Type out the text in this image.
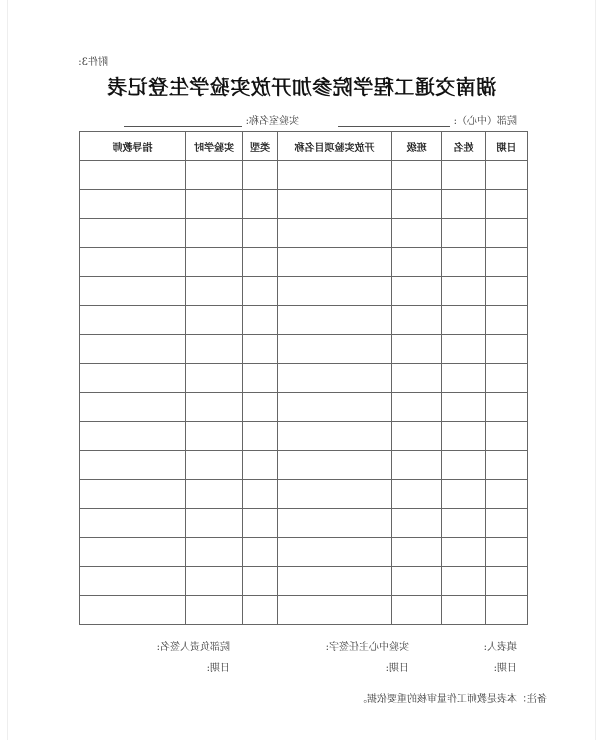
附件3:
湖南交通工程学院参加开放实验学生登记表
院部（中心）:
实验室名称:
日期	姓名	班级	开放实验项目名称	类型	实验学时	指导教师

填表人:
日期:
实验中心主任签字:
日期:
院部负责人签名:
日期:
备注：本表是教师工作量审核的重要依据。
